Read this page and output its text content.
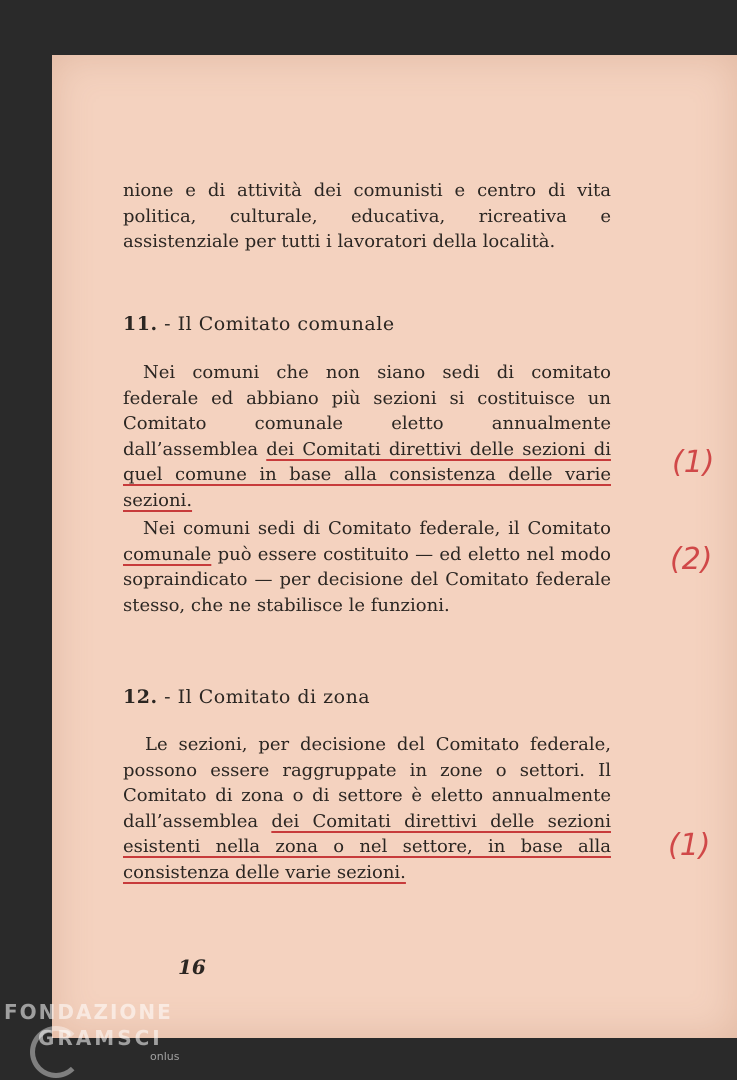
nione e di attività dei comunisti e centro di vita politica, culturale, educativa, ricreativa e assistenziale per tutti i lavoratori della località.

11. - Il Comitato comunale

Nei comuni che non siano sedi di comitato federale ed abbiano più sezioni si costituisce un Comitato comunale eletto annualmente dall’assemblea dei Comitati direttivi delle sezioni di quel comune in base alla consistenza delle varie sezioni.

Nei comuni sedi di Comitato federale, il Comitato comunale può essere costituito — ed eletto nel modo sopraindicato — per decisione del Comitato federale stesso, che ne stabilisce le funzioni.

(1)
(2)

12. - Il Comitato di zona

Le sezioni, per decisione del Comitato federale, possono essere raggruppate in zone o settori. Il Comitato di zona o di settore è eletto annualmente dall’assemblea dei Comitati direttivi delle sezioni esistenti nella zona o nel settore, in base alla consistenza delle varie sezioni.

(1)
16
FONDAZIONE
GRAMSCI
onlus
